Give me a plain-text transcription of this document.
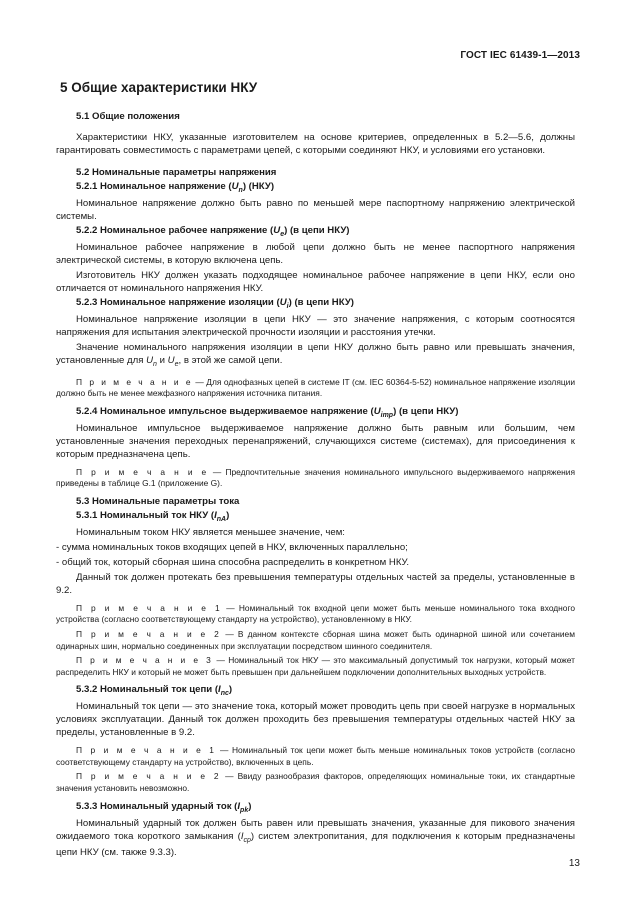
ГОСТ IEC 61439-1—2013
5 Общие характеристики НКУ
5.1 Общие положения

Характеристики НКУ, указанные изготовителем на основе критериев, определенных в 5.2—5.6, должны гарантировать совместимость с параметрами цепей, с которыми соединяют НКУ, и условиями его установки.

5.2 Номинальные параметры напряжения
5.2.1 Номинальное напряжение $(U_n)$ (НКУ)

Номинальное напряжение должно быть равно по меньшей мере паспортному напряжению электрической системы.

5.2.2 Номинальное рабочее напряжение $(U_e)$ (в цепи НКУ)

Номинальное рабочее напряжение в любой цепи должно быть не менее паспортного напряжения электрической системы, в которую включена цепь.

Изготовитель НКУ должен указать подходящее номинальное рабочее напряжение в цепи НКУ, если оно отличается от номинального напряжения НКУ.

5.2.3 Номинальное напряжение изоляции $(U_i)$ (в цепи НКУ)

Номинальное напряжение изоляции в цепи НКУ — это значение напряжения, с которым соотносятся напряжения для испытания электрической прочности изоляции и расстояния утечки.

Значение номинального напряжения изоляции в цепи НКУ должно быть равно или превышать значения, установленные для $U_n$ и $U_e$, в этой же самой цепи.

П р и м е ч а н и е — Для однофазных цепей в системе IT (см. IEC 60364-5-52) номинальное напряжение изоляции должно быть не менее межфазного напряжения источника питания.

5.2.4 Номинальное импульсное выдерживаемое напряжение $(U_{imp})$ (в цепи НКУ)

Номинальное импульсное выдерживаемое напряжение должно быть равным или большим, чем установленные значения переходных перенапряжений, случающихся системе (системах), для присоединения к которым предназначена цепь.

П р и м е ч а н и е — Предпочтительные значения номинального импульсного выдерживаемого напряжения приведены в таблице G.1 (приложение G).

5.3 Номинальные параметры тока
5.3.1 Номинальный ток НКУ $(I_{nA})$

Номинальным током НКУ является меньшее значение, чем:

- сумма номинальных токов входящих цепей в НКУ, включенных параллельно;

- общий ток, который сборная шина способна распределить в конкретном НКУ.

Данный ток должен протекать без превышения температуры отдельных частей за пределы, установленные в 9.2.

П р и м е ч а н и е 1 — Номинальный ток входной цепи может быть меньше номинального тока входного устройства (согласно соответствующему стандарту на устройство), установленному в НКУ.

П р и м е ч а н и е 2 — В данном контексте сборная шина может быть одинарной шиной или сочетанием одинарных шин, нормально соединенных при эксплуатации посредством шинного соединителя.

П р и м е ч а н и е 3 — Номинальный ток НКУ — это максимальный допустимый ток нагрузки, который может распределить НКУ и который не может быть превышен при дальнейшем подключении дополнительных выходных устройств.

5.3.2 Номинальный ток цепи $(I_{nc})$

Номинальный ток цепи — это значение тока, который может проводить цепь при своей нагрузке в нормальных условиях эксплуатации. Данный ток должен проходить без превышения температуры отдельных частей НКУ за пределы, установленные в 9.2.

П р и м е ч а н и е 1 — Номинальный ток цепи может быть меньше номинальных токов устройств (согласно соответствующему стандарту на устройство), включенных в цепь.

П р и м е ч а н и е 2 — Ввиду разнообразия факторов, определяющих номинальные токи, их стандартные значения установить невозможно.

5.3.3 Номинальный ударный ток $(I_{pk})$

Номинальный ударный ток должен быть равен или превышать значения, указанные для пикового значения ожидаемого тока короткого замыкания $(I_{cp})$ систем электропитания, для подключения к которым предназначены цепи НКУ (см. также 9.3.3).

13
